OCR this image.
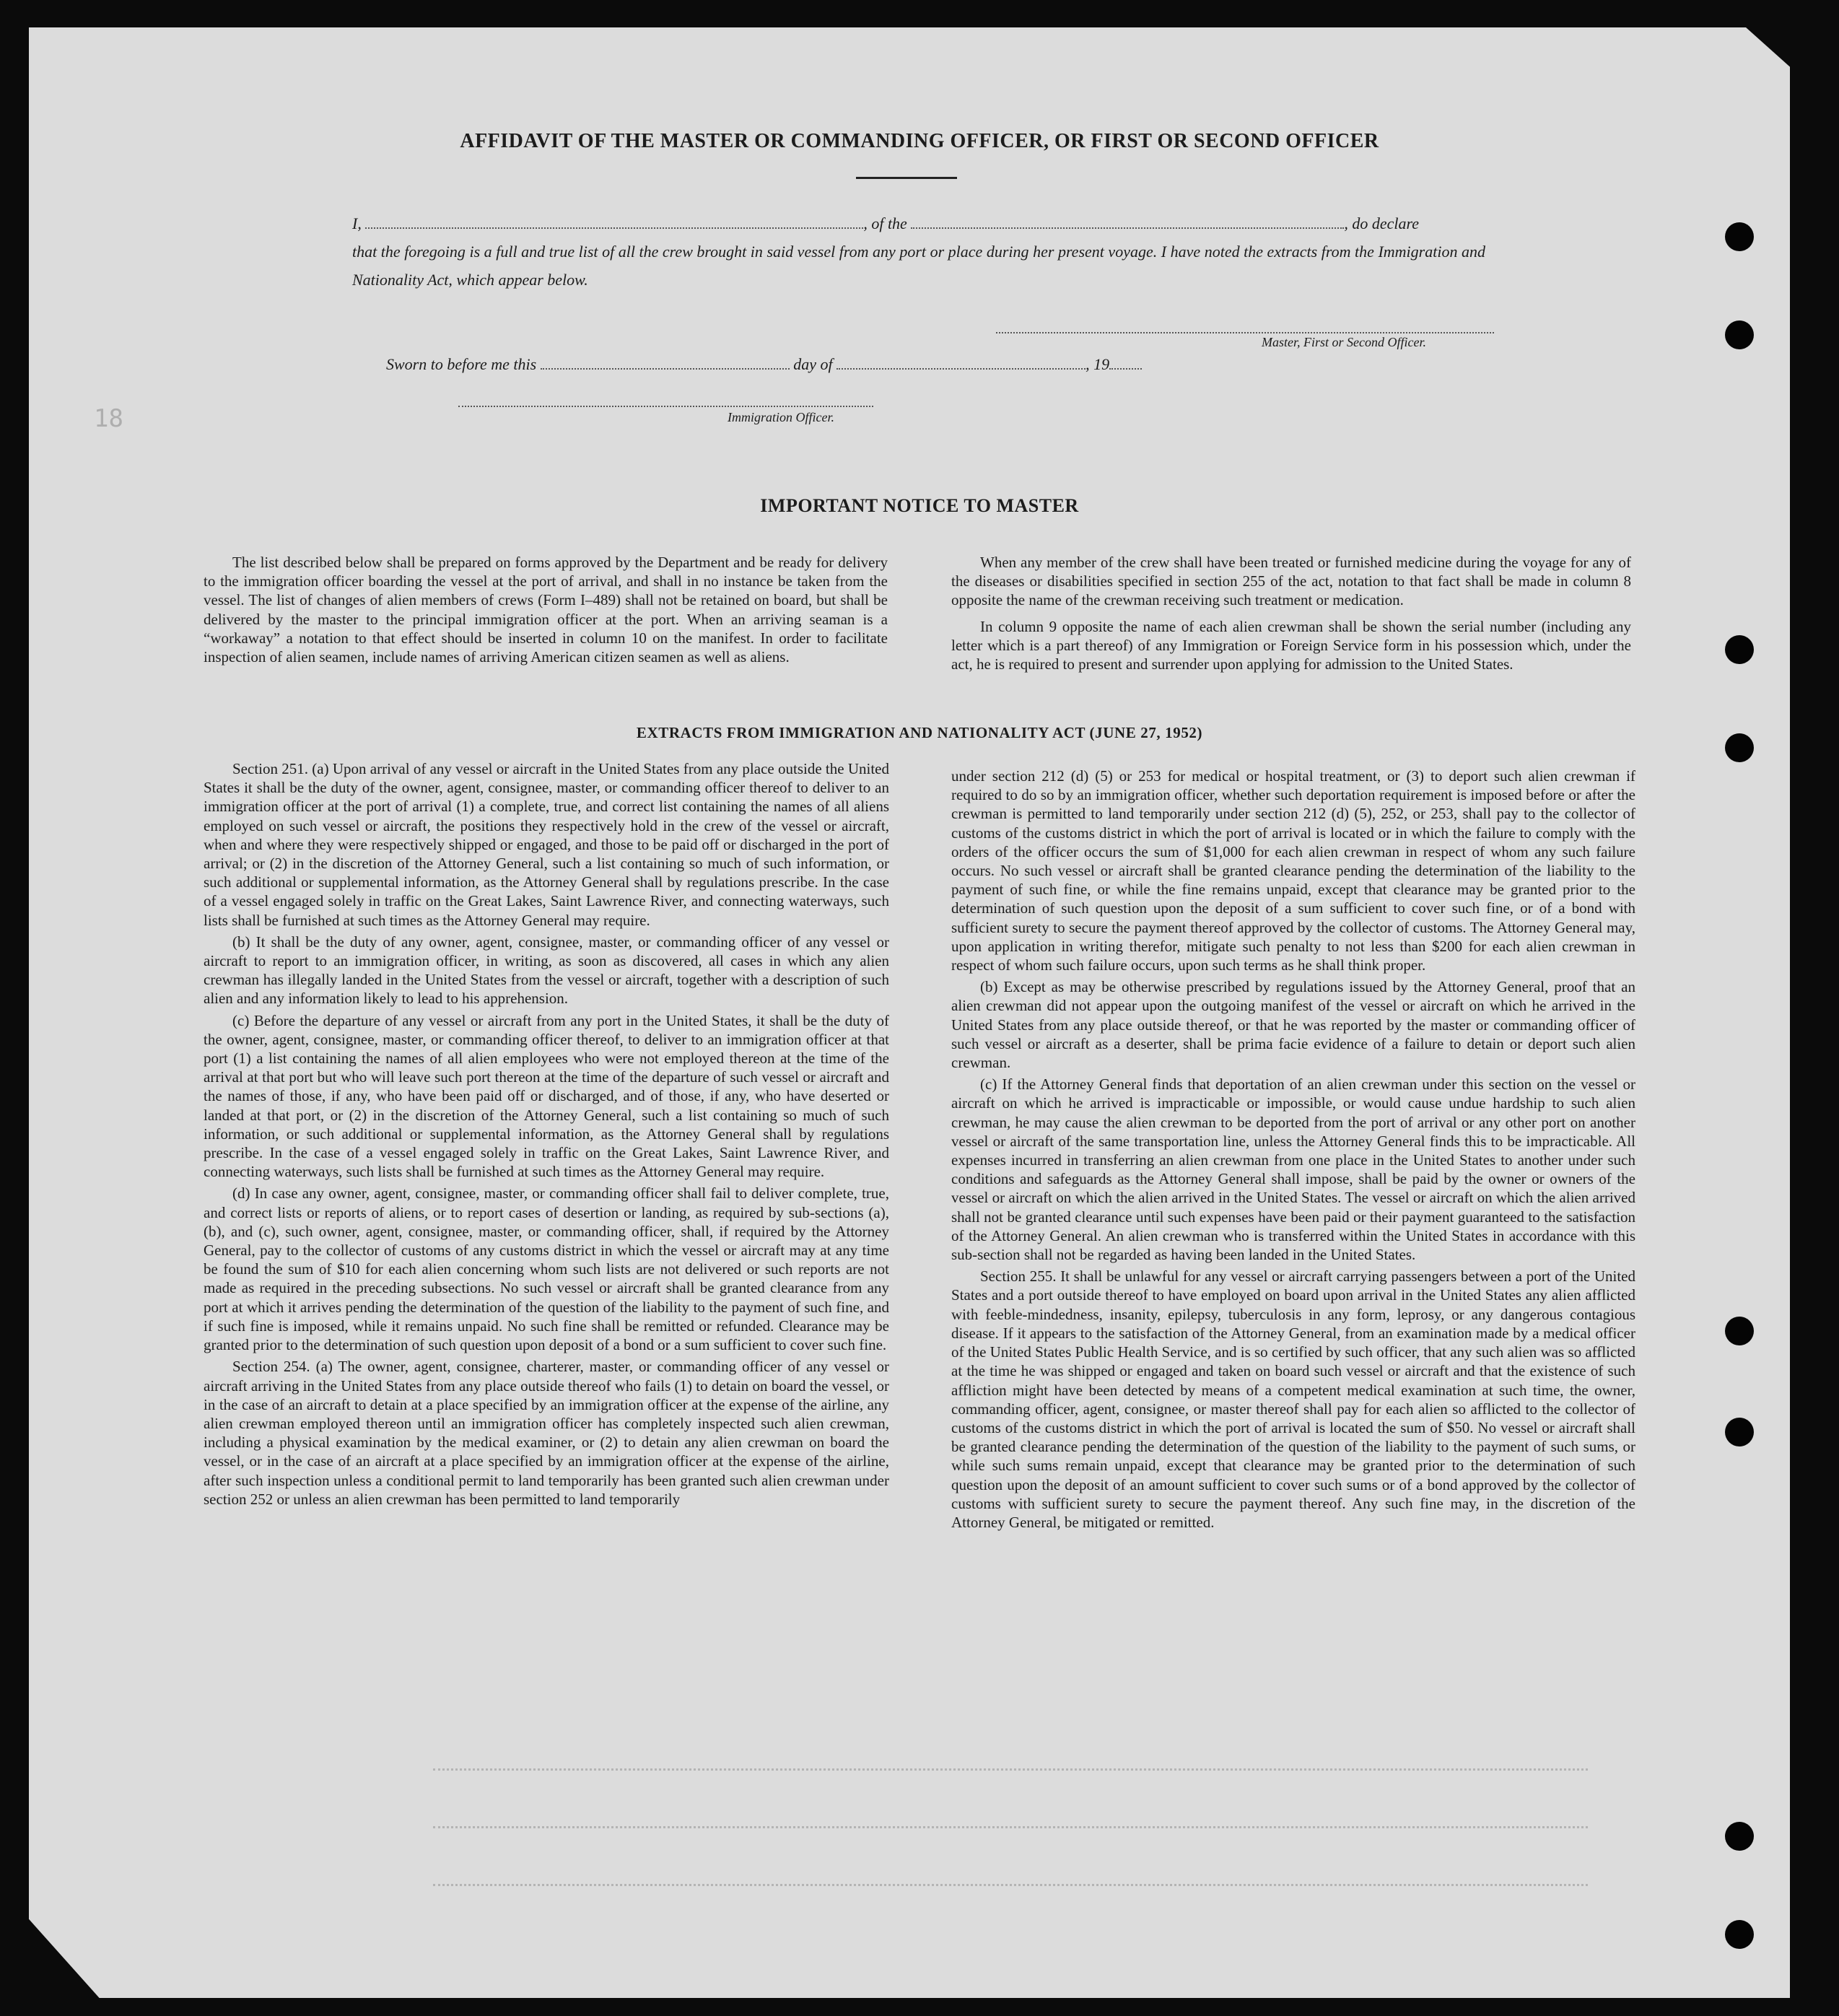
18
AFFIDAVIT OF THE MASTER OR COMMANDING OFFICER, OR FIRST OR SECOND OFFICER
I,	, of the	, do declare
that the foregoing is a full and true list of all the crew brought in said vessel from any port or place during her present voyage. I have noted the extracts from the Immigration and Nationality Act, which appear below.
Master, First or Second Officer.
Sworn to before me this	day of	, 19
Immigration Officer.
IMPORTANT NOTICE TO MASTER

The list described below shall be prepared on forms approved by the Department and be ready for delivery to the immigration officer boarding the vessel at the port of arrival, and shall in no instance be taken from the vessel. The list of changes of alien members of crews (Form I–489) shall not be retained on board, but shall be delivered by the master to the principal immigration officer at the port. When an arriving seaman is a “workaway” a notation to that effect should be inserted in column 10 on the manifest. In order to facilitate inspection of alien seamen, include names of arriving American citizen seamen as well as aliens.

When any member of the crew shall have been treated or furnished medicine during the voyage for any of the diseases or disabilities specified in section 255 of the act, notation to that fact shall be made in column 8 opposite the name of the crewman receiving such treatment or medication.

In column 9 opposite the name of each alien crewman shall be shown the serial number (including any letter which is a part thereof) of any Immigration or Foreign Service form in his possession which, under the act, he is required to present and surrender upon applying for admission to the United States.

EXTRACTS FROM IMMIGRATION AND NATIONALITY ACT (JUNE 27, 1952)

Section 251. (a) Upon arrival of any vessel or aircraft in the United States from any place outside the United States it shall be the duty of the owner, agent, consignee, master, or commanding officer thereof to deliver to an immigration officer at the port of arrival (1) a complete, true, and correct list containing the names of all aliens employed on such vessel or aircraft, the positions they respectively hold in the crew of the vessel or aircraft, when and where they were respectively shipped or engaged, and those to be paid off or discharged in the port of arrival; or (2) in the discretion of the Attorney General, such a list containing so much of such information, or such additional or supplemental information, as the Attorney General shall by regulations prescribe. In the case of a vessel engaged solely in traffic on the Great Lakes, Saint Lawrence River, and connecting waterways, such lists shall be furnished at such times as the Attorney General may require.

(b) It shall be the duty of any owner, agent, consignee, master, or commanding officer of any vessel or aircraft to report to an immigration officer, in writing, as soon as discovered, all cases in which any alien crewman has illegally landed in the United States from the vessel or aircraft, together with a description of such alien and any information likely to lead to his apprehension.

(c) Before the departure of any vessel or aircraft from any port in the United States, it shall be the duty of the owner, agent, consignee, master, or commanding officer thereof, to deliver to an immigration officer at that port (1) a list containing the names of all alien employees who were not employed thereon at the time of the arrival at that port but who will leave such port thereon at the time of the departure of such vessel or aircraft and the names of those, if any, who have been paid off or discharged, and of those, if any, who have deserted or landed at that port, or (2) in the discretion of the Attorney General, such a list containing so much of such information, or such additional or supplemental information, as the Attorney General shall by regulations prescribe. In the case of a vessel engaged solely in traffic on the Great Lakes, Saint Lawrence River, and connecting waterways, such lists shall be furnished at such times as the Attorney General may require.

(d) In case any owner, agent, consignee, master, or commanding officer shall fail to deliver complete, true, and correct lists or reports of aliens, or to report cases of desertion or landing, as required by sub-sections (a), (b), and (c), such owner, agent, consignee, master, or commanding officer, shall, if required by the Attorney General, pay to the collector of customs of any customs district in which the vessel or aircraft may at any time be found the sum of $10 for each alien concerning whom such lists are not delivered or such reports are not made as required in the preceding subsections. No such vessel or aircraft shall be granted clearance from any port at which it arrives pending the determination of the question of the liability to the payment of such fine, and if such fine is imposed, while it remains unpaid. No such fine shall be remitted or refunded. Clearance may be granted prior to the determination of such question upon deposit of a bond or a sum sufficient to cover such fine.

Section 254. (a) The owner, agent, consignee, charterer, master, or commanding officer of any vessel or aircraft arriving in the United States from any place outside thereof who fails (1) to detain on board the vessel, or in the case of an aircraft to detain at a place specified by an immigration officer at the expense of the airline, any alien crewman employed thereon until an immigration officer has completely inspected such alien crewman, including a physical examination by the medical examiner, or (2) to detain any alien crewman on board the vessel, or in the case of an aircraft at a place specified by an immigration officer at the expense of the airline, after such inspection unless a conditional permit to land temporarily has been granted such alien crewman under section 252 or unless an alien crewman has been permitted to land temporarily

under section 212 (d) (5) or 253 for medical or hospital treatment, or (3) to deport such alien crewman if required to do so by an immigration officer, whether such deportation requirement is imposed before or after the crewman is permitted to land temporarily under section 212 (d) (5), 252, or 253, shall pay to the collector of customs of the customs district in which the port of arrival is located or in which the failure to comply with the orders of the officer occurs the sum of $1,000 for each alien crewman in respect of whom any such failure occurs. No such vessel or aircraft shall be granted clearance pending the determination of the liability to the payment of such fine, or while the fine remains unpaid, except that clearance may be granted prior to the determination of such question upon the deposit of a sum sufficient to cover such fine, or of a bond with sufficient surety to secure the payment thereof approved by the collector of customs. The Attorney General may, upon application in writing therefor, mitigate such penalty to not less than $200 for each alien crewman in respect of whom such failure occurs, upon such terms as he shall think proper.

(b) Except as may be otherwise prescribed by regulations issued by the Attorney General, proof that an alien crewman did not appear upon the outgoing manifest of the vessel or aircraft on which he arrived in the United States from any place outside thereof, or that he was reported by the master or commanding officer of such vessel or aircraft as a deserter, shall be prima facie evidence of a failure to detain or deport such alien crewman.

(c) If the Attorney General finds that deportation of an alien crewman under this section on the vessel or aircraft on which he arrived is impracticable or impossible, or would cause undue hardship to such alien crewman, he may cause the alien crewman to be deported from the port of arrival or any other port on another vessel or aircraft of the same transportation line, unless the Attorney General finds this to be impracticable. All expenses incurred in transferring an alien crewman from one place in the United States to another under such conditions and safeguards as the Attorney General shall impose, shall be paid by the owner or owners of the vessel or aircraft on which the alien arrived in the United States. The vessel or aircraft on which the alien arrived shall not be granted clearance until such expenses have been paid or their payment guaranteed to the satisfaction of the Attorney General. An alien crewman who is transferred within the United States in accordance with this sub-section shall not be regarded as having been landed in the United States.

Section 255. It shall be unlawful for any vessel or aircraft carrying passengers between a port of the United States and a port outside thereof to have employed on board upon arrival in the United States any alien afflicted with feeble-mindedness, insanity, epilepsy, tuberculosis in any form, leprosy, or any dangerous contagious disease. If it appears to the satisfaction of the Attorney General, from an examination made by a medical officer of the United States Public Health Service, and is so certified by such officer, that any such alien was so afflicted at the time he was shipped or engaged and taken on board such vessel or aircraft and that the existence of such affliction might have been detected by means of a competent medical examination at such time, the owner, commanding officer, agent, consignee, or master thereof shall pay for each alien so afflicted to the collector of customs of the customs district in which the port of arrival is located the sum of $50. No vessel or aircraft shall be granted clearance pending the determination of the question of the liability to the payment of such sums, or while such sums remain unpaid, except that clearance may be granted prior to the determination of such question upon the deposit of an amount sufficient to cover such sums or of a bond approved by the collector of customs with sufficient surety to secure the payment thereof. Any such fine may, in the discretion of the Attorney General, be mitigated or remitted.
